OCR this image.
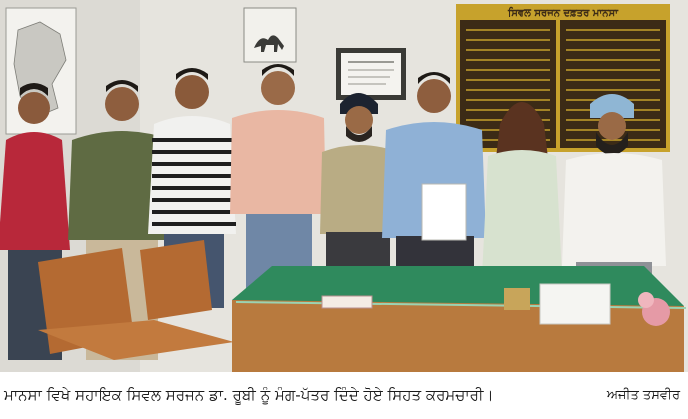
ਸਿਵਲ ਸਰਜਨ ਦਫ਼ਤਰ ਮਾਨਸਾ
ਮਾਨਸਾ ਵਿਖੇ ਸਹਾਇਕ ਸਿਵਲ ਸਰਜਨ ਡਾ. ਰੂਬੀ ਨੂੰ ਮੰਗ-ਪੱਤਰ ਦਿੰਦੇ ਹੋਏ ਸਿਹਤ ਕਰਮਚਾਰੀ।	ਅਜੀਤ ਤਸਵੀਰ
